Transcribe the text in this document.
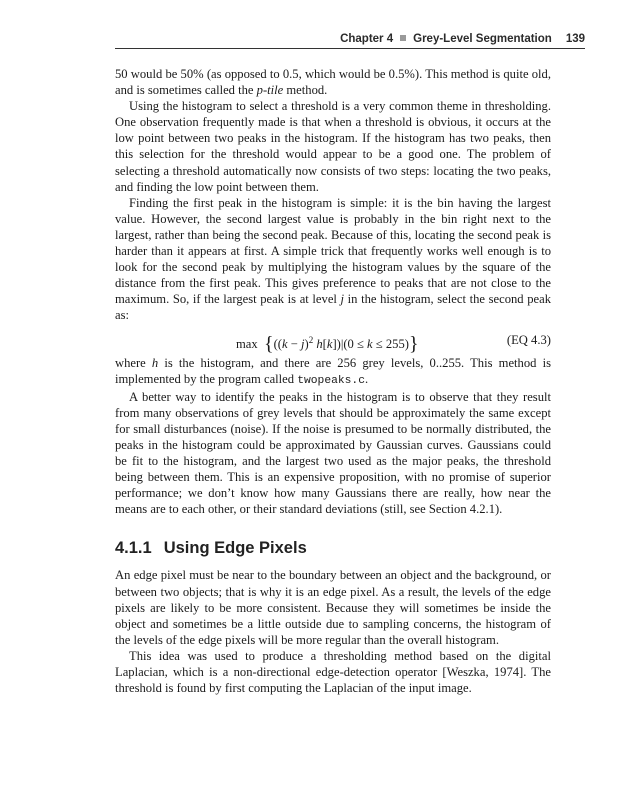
Chapter 4 Grey-Level Segmentation 139

50 would be 50% (as opposed to 0.5, which would be 0.5%). This method is quite old, and is sometimes called the p-tile method.

Using the histogram to select a threshold is a very common theme in thresholding. One observation frequently made is that when a threshold is obvious, it occurs at the low point between two peaks in the histogram. If the histogram has two peaks, then this selection for the threshold would appear to be a good one. The problem of selecting a threshold automatically now consists of two steps: locating the two peaks, and finding the low point between them.

Finding the first peak in the histogram is simple: it is the bin having the largest value. However, the second largest value is probably in the bin right next to the largest, rather than being the second peak. Because of this, locating the second peak is harder than it appears at first. A simple trick that frequently works well enough is to look for the second peak by multiplying the histogram values by the square of the distance from the first peak. This gives preference to peaks that are not close to the maximum. So, if the largest peak is at level j in the histogram, select the second peak as:

$\max \{((k - j)^2$ h[k])|(0 ≤ k ≤ 255)}	(EQ 4.3)

where h is the histogram, and there are 256 grey levels, 0..255. This method is implemented by the program called twopeaks.c.

A better way to identify the peaks in the histogram is to observe that they result from many observations of grey levels that should be approximately the same except for small disturbances (noise). If the noise is presumed to be normally distributed, the peaks in the histogram could be approximated by Gaussian curves. Gaussians could be fit to the histogram, and the largest two used as the major peaks, the threshold being between them. This is an expensive proposition, with no promise of superior performance; we don’t know how many Gaussians there are really, how near the means are to each other, or their standard deviations (still, see Section 4.2.1).

4.1.1 Using Edge Pixels

An edge pixel must be near to the boundary between an object and the background, or between two objects; that is why it is an edge pixel. As a result, the levels of the edge pixels are likely to be more consistent. Because they will sometimes be inside the object and sometimes be a little outside due to sampling concerns, the histogram of the levels of the edge pixels will be more regular than the overall histogram.

This idea was used to produce a thresholding method based on the digital Laplacian, which is a non-directional edge-detection operator [Weszka, 1974]. The threshold is found by first computing the Laplacian of the input image.
